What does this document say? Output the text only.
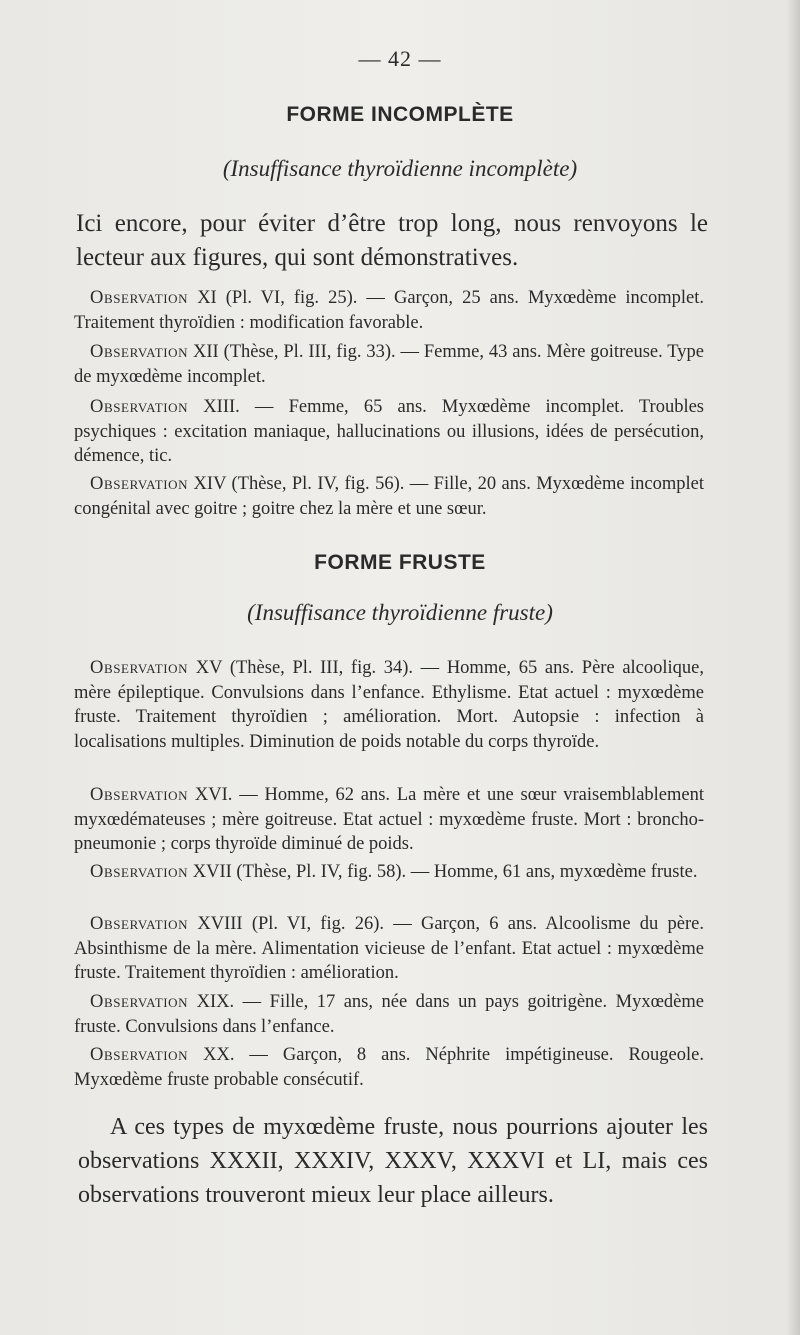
— 42 —
FORME INCOMPLÈTE
(Insuffisance thyroïdienne incomplète)
Ici encore, pour éviter d’être trop long, nous renvoyons le lecteur aux figures, qui sont démonstratives.
Observation XI (Pl. VI, fig. 25). — Garçon, 25 ans. Myxœdème incomplet. Traitement thyroïdien : modification favorable.
Observation XII (Thèse, Pl. III, fig. 33). — Femme, 43 ans. Mère goitreuse. Type de myxœdème incomplet.
Observation XIII. — Femme, 65 ans. Myxœdème incomplet. Troubles psychiques : excitation maniaque, hallucinations ou illusions, idées de persécution, démence, tic.
Observation XIV (Thèse, Pl. IV, fig. 56). — Fille, 20 ans. Myxœdème incomplet congénital avec goitre ; goitre chez la mère et une sœur.
FORME FRUSTE
(Insuffisance thyroïdienne fruste)
Observation XV (Thèse, Pl. III, fig. 34). — Homme, 65 ans. Père alcoolique, mère épileptique. Convulsions dans l’enfance. Ethylisme. Etat actuel : myxœdème fruste. Traitement thyroïdien ; amélioration. Mort. Autopsie : infection à localisations multiples. Diminution de poids notable du corps thyroïde.
Observation XVI. — Homme, 62 ans. La mère et une sœur vraisemblablement myxœdémateuses ; mère goitreuse. Etat actuel : myxœdème fruste. Mort : broncho-pneumonie ; corps thyroïde diminué de poids.
Observation XVII (Thèse, Pl. IV, fig. 58). — Homme, 61 ans, myxœdème fruste.
Observation XVIII (Pl. VI, fig. 26). — Garçon, 6 ans. Alcoolisme du père. Absinthisme de la mère. Alimentation vicieuse de l’enfant. Etat actuel : myxœdème fruste. Traitement thyroïdien : amélioration.
Observation XIX. — Fille, 17 ans, née dans un pays goitrigène. Myxœdème fruste. Convulsions dans l’enfance.
Observation XX. — Garçon, 8 ans. Néphrite impétigineuse. Rougeole. Myxœdème fruste probable consécutif.
A ces types de myxœdème fruste, nous pourrions ajouter les observations XXXII, XXXIV, XXXV, XXXVI et LI, mais ces observations trouveront mieux leur place ailleurs.
